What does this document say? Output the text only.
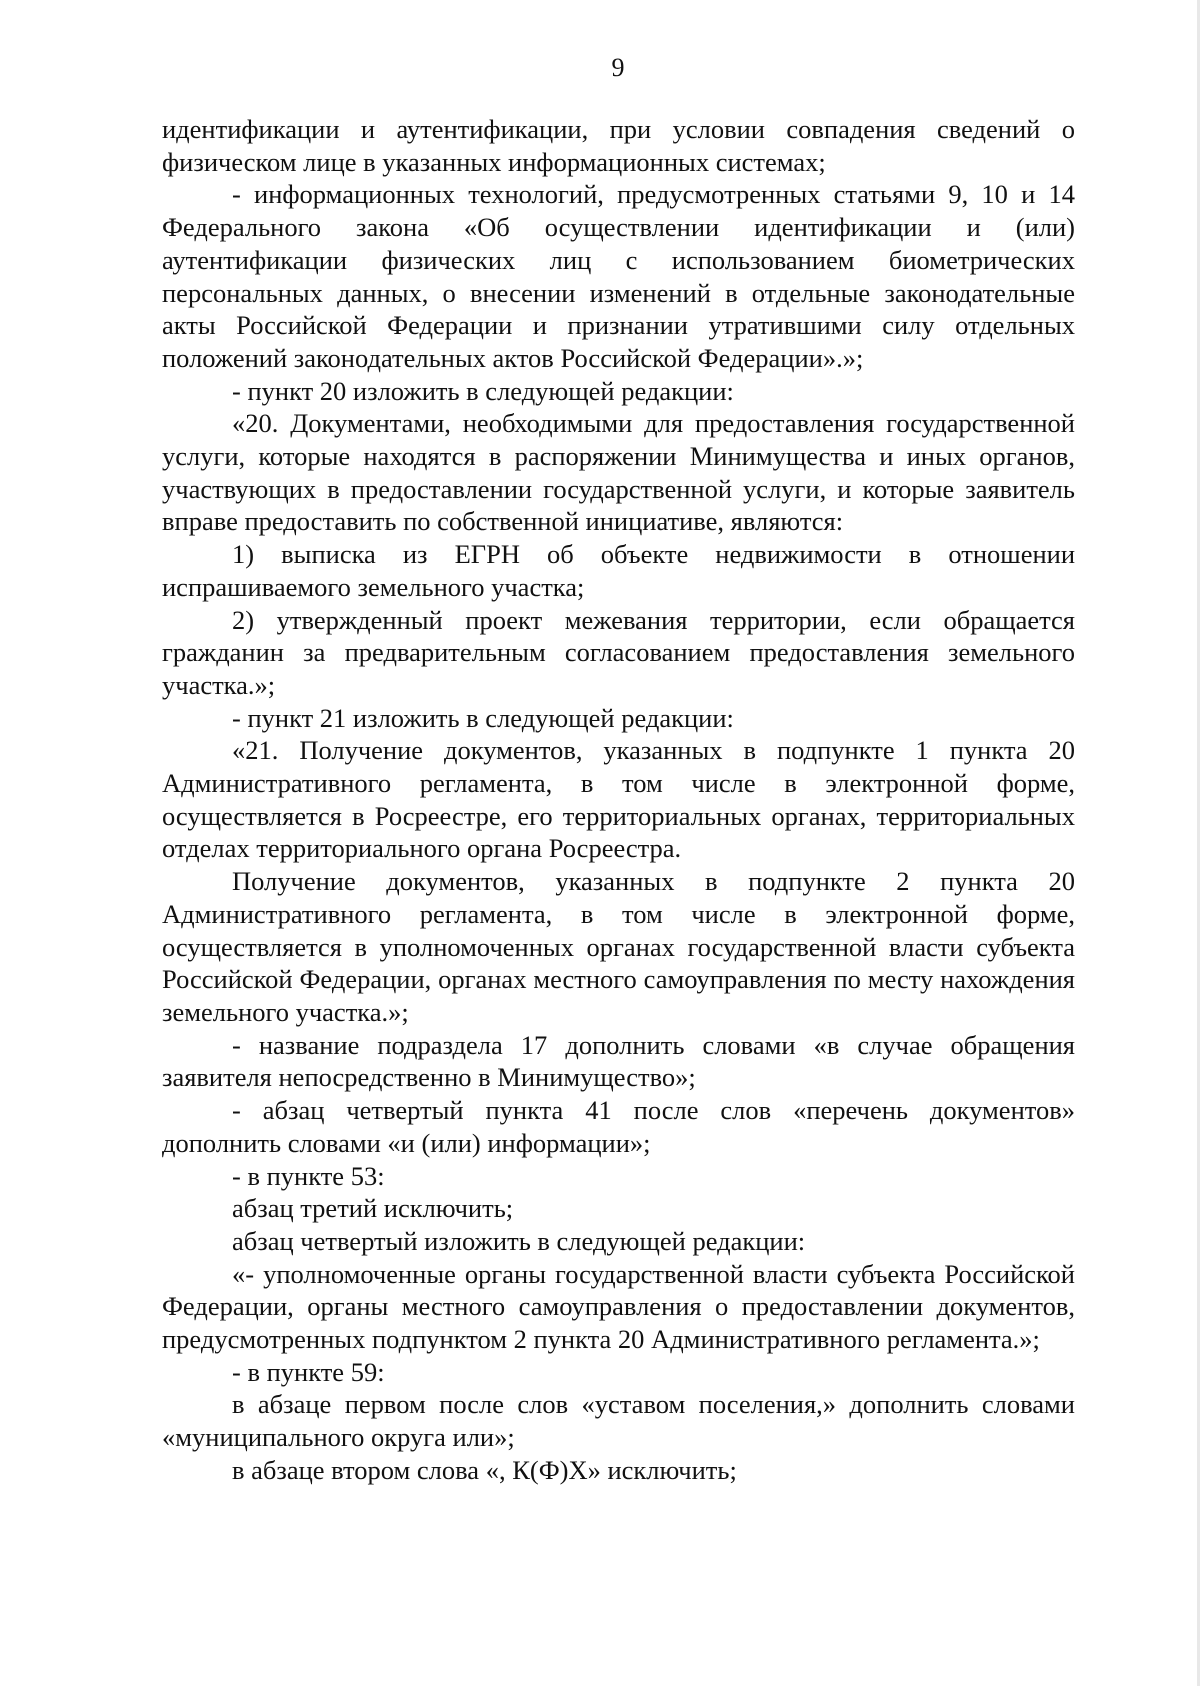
9

идентификации и аутентификации, при условии совпадения сведений о физическом лице в указанных информационных системах;

- информационных технологий, предусмотренных статьями 9, 10 и 14 Федерального закона «Об осуществлении идентификации и (или) аутентификации физических лиц с использованием биометрических персональных данных, о внесении изменений в отдельные законодательные акты Российской Федерации и признании утратившими силу отдельных положений законодательных актов Российской Федерации».»;

- пункт 20 изложить в следующей редакции:

«20. Документами, необходимыми для предоставления государственной услуги, которые находятся в распоряжении Минимущества и иных органов, участвующих в предоставлении государственной услуги, и которые заявитель вправе предоставить по собственной инициативе, являются:

1) выписка из ЕГРН об объекте недвижимости в отношении испрашиваемого земельного участка;

2) утвержденный проект межевания территории, если обращается гражданин за предварительным согласованием предоставления земельного участка.»;

- пункт 21 изложить в следующей редакции:

«21. Получение документов, указанных в подпункте 1 пункта 20 Административного регламента, в том числе в электронной форме, осуществляется в Росреестре, его территориальных органах, территориальных отделах территориального органа Росреестра.

Получение документов, указанных в подпункте 2 пункта 20 Административного регламента, в том числе в электронной форме, осуществляется в уполномоченных органах государственной власти субъекта Российской Федерации, органах местного самоуправления по месту нахождения земельного участка.»;

- название подраздела 17 дополнить словами «в случае обращения заявителя непосредственно в Минимущество»;

- абзац четвертый пункта 41 после слов «перечень документов» дополнить словами «и (или) информации»;

- в пункте 53:

абзац третий исключить;

абзац четвертый изложить в следующей редакции:

«- уполномоченные органы государственной власти субъекта Российской Федерации, органы местного самоуправления о предоставлении документов, предусмотренных подпунктом 2 пункта 20 Административного регламента.»;

- в пункте 59:

в абзаце первом после слов «уставом поселения,» дополнить словами «муниципального округа или»;

в абзаце втором слова «, К(Ф)Х» исключить;
